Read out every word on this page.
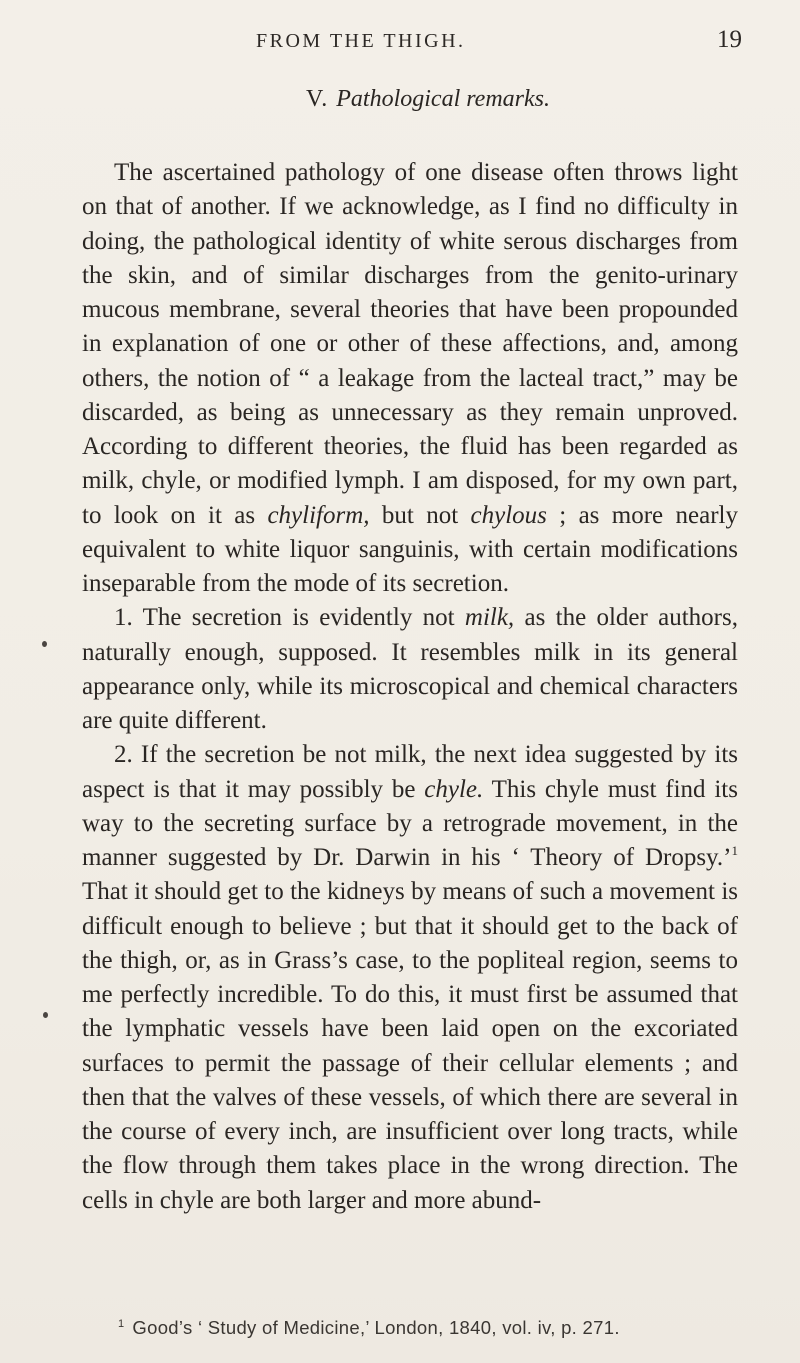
FROM THE THIGH.	19
V. Pathological remarks.

The ascertained pathology of one disease often throws light on that of another. If we acknowledge, as I find no difficulty in doing, the pathological identity of white serous discharges from the skin, and of similar discharges from the genito-urinary mucous membrane, several theories that have been propounded in explanation of one or other of these affections, and, among others, the notion of “ a leakage from the lacteal tract,” may be discarded, as being as unnecessary as they remain unproved. According to different theories, the fluid has been regarded as milk, chyle, or modified lymph. I am disposed, for my own part, to look on it as chyliform, but not chylous ; as more nearly equivalent to white liquor sanguinis, with certain modifications inseparable from the mode of its secretion.

1. The secretion is evidently not milk, as the older authors, naturally enough, supposed. It resembles milk in its general appearance only, while its microscopical and chemical characters are quite different.

2. If the secretion be not milk, the next idea suggested by its aspect is that it may possibly be chyle. This chyle must find its way to the secreting surface by a retrograde movement, in the manner suggested by Dr. Darwin in his ‘ Theory of Dropsy.’$^1$ That it should get to the kidneys by means of such a movement is difficult enough to believe ; but that it should get to the back of the thigh, or, as in Grass’s case, to the popliteal region, seems to me perfectly incredible. To do this, it must first be assumed that the lymphatic vessels have been laid open on the excoriated surfaces to permit the passage of their cellular elements ; and then that the valves of these vessels, of which there are several in the course of every inch, are insufficient over long tracts, while the flow through them takes place in the wrong direction. The cells in chyle are both larger and more abund-

$^1$ Good’s ‘ Study of Medicine,’ London, 1840, vol. iv, p. 271.
